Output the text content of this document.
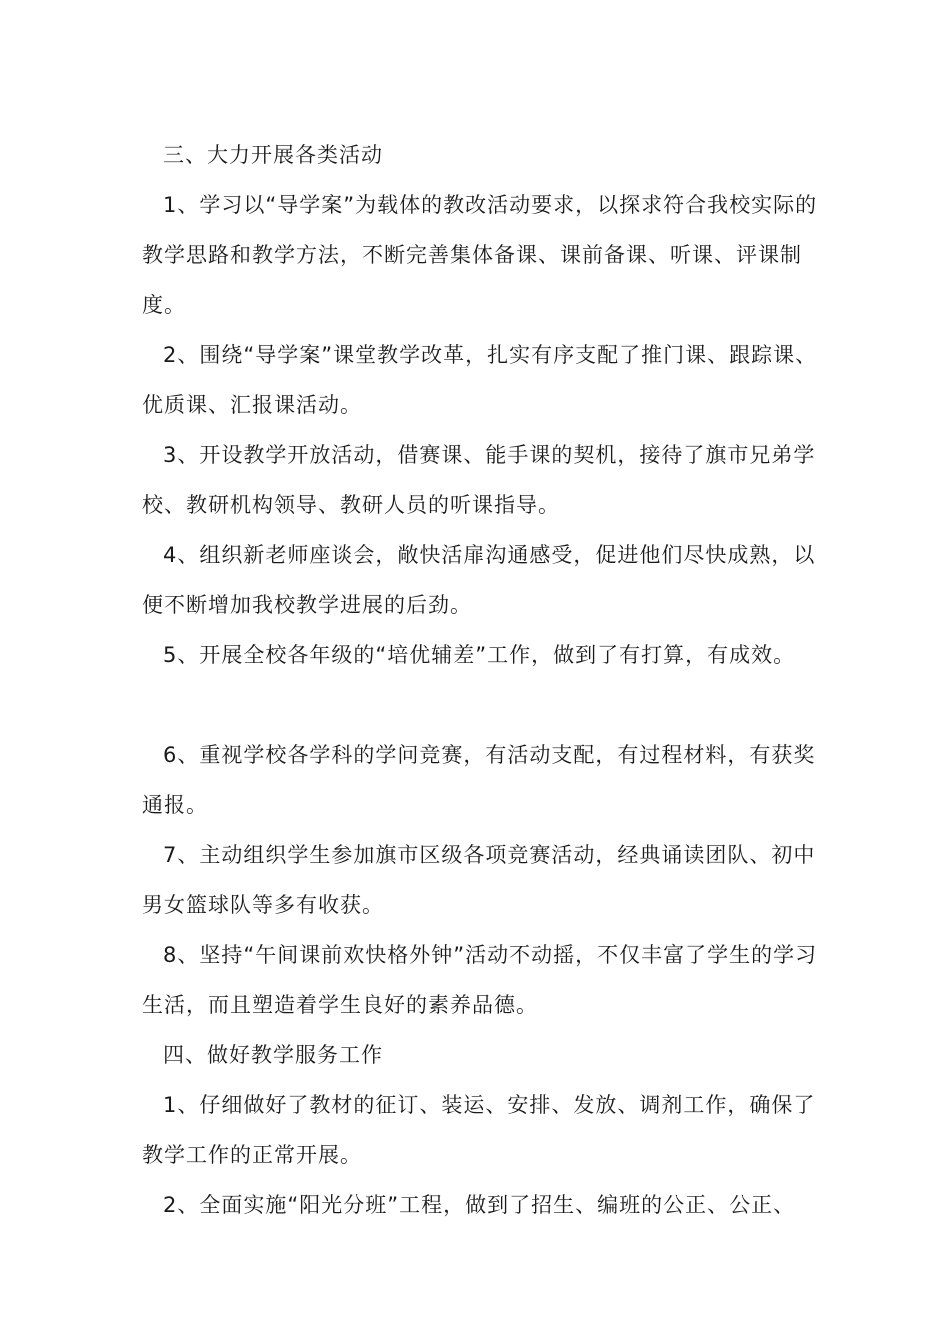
三、大力开展各类活动

1、学习以“导学案”为载体的教改活动要求，以探求符合我校实际的教学思路和教学方法，不断完善集体备课、课前备课、听课、评课制度。

2、围绕“导学案”课堂教学改革，扎实有序支配了推门课、跟踪课、优质课、汇报课活动。

3、开设教学开放活动，借赛课、能手课的契机，接待了旗市兄弟学校、教研机构领导、教研人员的听课指导。

4、组织新老师座谈会，敞快活扉沟通感受，促进他们尽快成熟，以便不断增加我校教学进展的后劲。

5、开展全校各年级的“培优辅差”工作，做到了有打算，有成效。

6、重视学校各学科的学问竞赛，有活动支配，有过程材料，有获奖通报。

7、主动组织学生参加旗市区级各项竞赛活动，经典诵读团队、初中男女篮球队等多有收获。

8、坚持“午间课前欢快格外钟”活动不动摇，不仅丰富了学生的学习生活，而且塑造着学生良好的素养品德。

四、做好教学服务工作

1、仔细做好了教材的征订、装运、安排、发放、调剂工作，确保了教学工作的正常开展。

2、全面实施“阳光分班”工程，做到了招生、编班的公正、公正、
